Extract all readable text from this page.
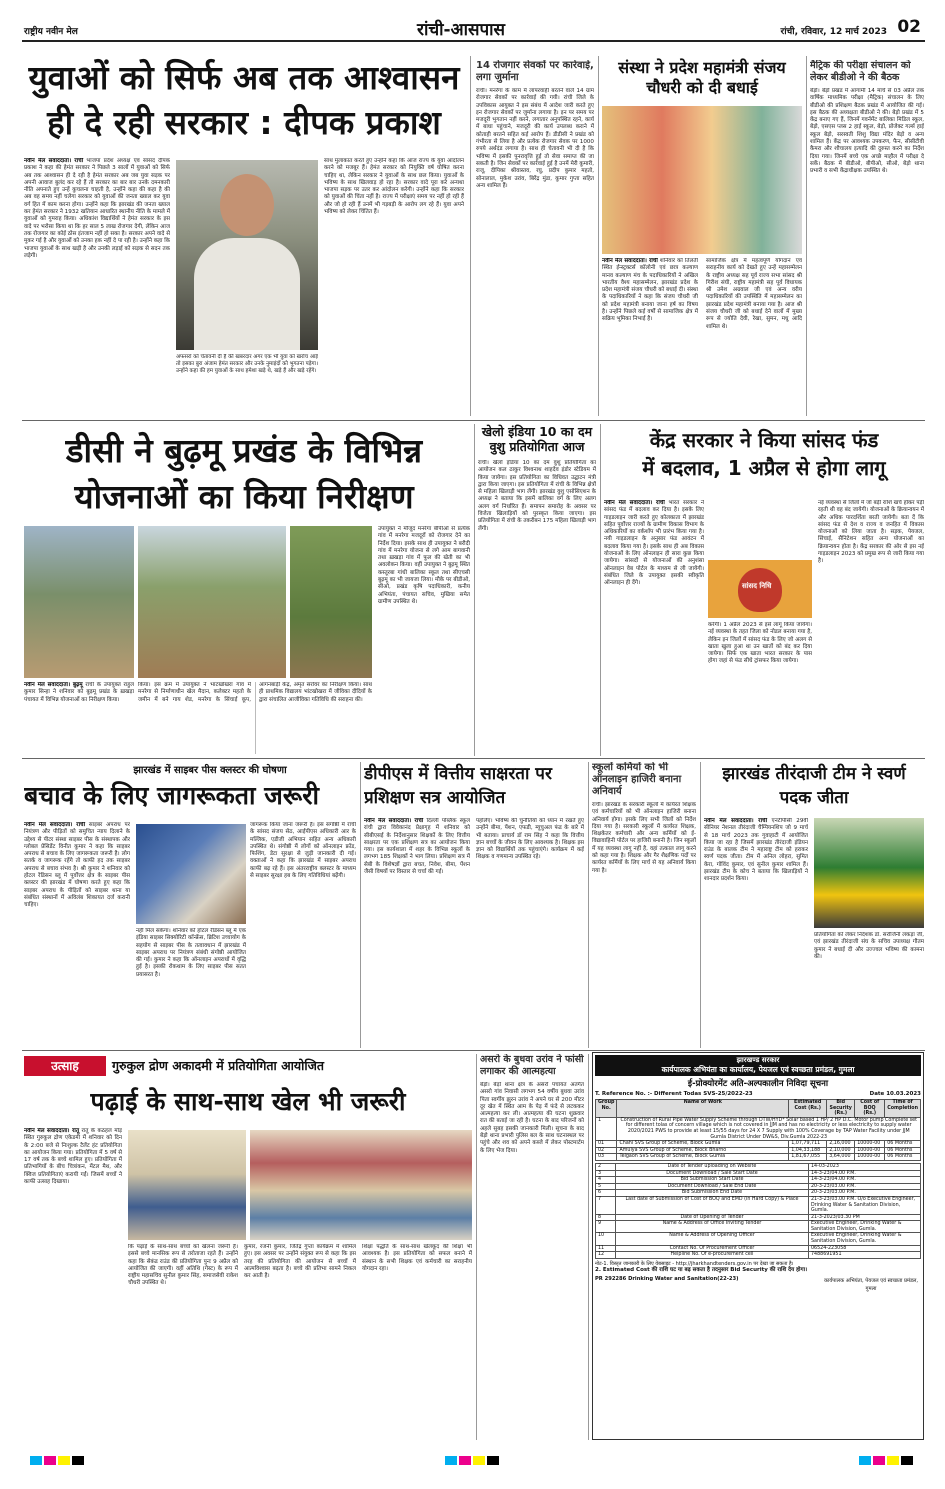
राष्ट्रीय नवीन मेल	रांची-आसपास	रांची, रविवार, 12 मार्च 2023 02
युवाओं को सिर्फ अब तक आश्वासन
ही दे रही सरकार : दीपक प्रकाश
नवीन मेल संवाददाता। रांची भाजपा प्रदेश अध्यक्ष एवं सांसद दीपक प्रकाश ने कहा की हेमंत सरकार ने पिछले 3 सालों में युवाओं को सिर्फ अब तक आश्वासन ही दे रही है हेमंत सरकार अब जब युवा सड़क पर अपनी आवाज बुलंद कर रहे हैं तो सरकार का बार बार उनके दमनकारी नीति अपनाते हुए उन्हें कुचलना चाहती है, उन्होंने कहा की कहा है की अब वह समय नहीं चलेगा सरकार को युवाओं की जनता ख्याल कर युवा वर्ग हित में काम करना होगा। उन्होंने कहा कि झारखंड की जनता ख्याल कर हेमंत सरकार ने 1932 खतियान आधारित स्थानीय नीति के मामले में युवाओं को गुमराह किया। अधिकांश विद्यार्थियों ने हेमंत सरकार के इस वादे पर भरोसा किया था कि हर साल 5 लाख रोजगार देगी, लेकिन आज तक रोजगार का कोई ठोस इंतजाम नहीं हो सका है। सरकार अपने वादे से मुकर गई है और युवाओं को उनका हक नहीं दे पा रही है। उन्होंने कहा कि भाजपा युवाओं के साथ खड़ी है और उनकी लड़ाई को सड़क से सदन तक लड़ेगी।
अफसरों को चेतावनी दी है की खबरदार अगर एक भी युवा को खरोंच आई तो इसका बुरा अंजाम हेमंत सरकार और उनके नुमाइंदों को भुगतना पड़ेगा। उन्होंने कहा की हम युवाओं के साथ हमेशा खड़े थे, खड़े हैं और खड़े रहेंगे।
साथ मुलाकात करते हुए उन्होंने कहा कि आज राज्य के युवा आंदोलन करने को मजबूर हैं। हेमंत सरकार को नियुक्ति वर्ष घोषित करना चाहिए था, लेकिन सरकार ने युवाओं के साथ छल किया। युवाओं के भविष्य के साथ खिलवाड़ हो रहा है। सरकार वादे पूरा करे अन्यथा भाजपा सड़क पर उतर कर आंदोलन करेगी। उन्होंने कहा कि सरकार को युवाओं की चिंता नहीं है। राज्य में परीक्षाएं समय पर नहीं हो रही हैं और जो हो रही हैं उनमें भी गड़बड़ी के आरोप लग रहे हैं। युवा अपने भविष्य को लेकर चिंतित हैं।
14 रोजगार सेवकों पर कार्रवाई, लगा जुर्माना
रांची। मनरेगा के काम में लापरवाही बरतने वाले 14 ग्राम रोजगार सेवकों पर कार्रवाई की गयी। रांची जिले के उपविकास आयुक्त ने इस संबंध में आदेश जारी करते हुए इन रोजगार सेवकों पर जुर्माना लगाया है। इन पर समय पर मजदूरी भुगतान नहीं करने, लगातार अनुपस्थित रहने, कार्य में बाधा पहुंचाने, मजदूरी की कार्य उपलब्ध कराने में कोताही बरतने सहित कई आरोप हैं। डीडीसी ने प्रखंड को गंभीरता से लिया है और प्रत्येक रोजगार सेवक पर 1000 रुपये अर्थदंड लगाया है। साथ ही चेतावनी भी दी है कि भविष्य में इसकी पुनरावृत्ति हुई तो सेवा समाप्त की जा सकती है। जिन सेवकों पर कार्रवाई हुई है उनमें मेरी कुमारी, राजू, दीपिका श्रीवास्तव, रघु, प्रदीप कुमार महतो, सोनालाल, मुकेश उरांव, बिरेंद्र मुंडा, कुमार गुप्ता सहित अन्य शामिल हैं।
संस्था ने प्रदेश महामंत्री संजय चौधरी को दी बधाई
नवीन मेल संवाददाता। रांची शनिवार को तिलती स्थित ईन्स्ट्रक्टर्स कॉलोनी एवं छात्र कल्याण मानव कल्याण मंच के पदाधिकारियों ने अखिल भारतीय वैश्य महासम्मेलन, झारखंड प्रदेश के प्रदेश महामंत्री संजय चौधरी को बधाई दी। संस्था के पदाधिकारियों ने कहा कि संजय चौधरी जी को प्रदेश महामंत्री बनाया जाना हर्ष का विषय है। उन्होंने पिछले कई वर्षों से सामाजिक क्षेत्र में सक्रिय भूमिका निभाई है।
सामाजिक क्षेत्र में महत्वपूर्ण योगदान एवं सराहनीय कार्य को देखते हुए उन्हें महासम्मेलन के राष्ट्रीय अध्यक्ष सह पूर्व राज्य सभा सांसद श्री गिरीश संघी, राष्ट्रीय महामंत्री सह पूर्व विधायक श्री उमेश अग्रवाल जी एवं अन्य वरीय पदाधिकारियों की उपस्थिति में महासम्मेलन का झारखंड प्रदेश महामंत्री बनाया गया है। आज श्री संजय चौधरी जी को बधाई देने वालों में मुख्य रूप से ज्योति देवी, रेखा, सुमन, मधु आदि शामिल थे।
मैट्रिक की परीक्षा संचालन को लेकर बीडीओ ने की बैठक
बेड़ो। बेड़ो प्रखंड में आगामी 14 मार्च से 03 अप्रैल तक वार्षिक माध्यमिक परीक्षा (मैट्रिक) संचालन के लिए बीडीओ की प्रशिक्षण बैठक प्रखंड में आयोजित की गई। इस बैठक की अध्यक्षता बीडीओ ने की। बेड़ो प्रखंड में 5 केंद्र बनाए गए हैं, जिनमें गवर्नमेंट बालिका मिडिल स्कूल, बेड़ो, एसएस प्लस 2 हाई स्कूल, बेड़ो, प्रोजेक्ट गर्ल्स हाई स्कूल बेड़ो, सरस्वती शिशु विद्या मंदिर बेड़ो व अन्य शामिल हैं। केंद्र पर आवश्यक उपकरण, फैन, सीसीटीवी कैमरा और शौचालय इत्यादि की दुरुस्त करने का निर्देश दिया गया। जिनमें बच्चे एक अच्छे माहौल में परीक्षा दे सकें। बैठक में बीडीओ, बीपीओ, सीओ, बेड़ो थाना प्रभारी व सभी केंद्राधीक्षक उपस्थित थे।
डीसी ने बुढ़मू प्रखंड के विभिन्न
योजनाओं का किया निरीक्षण
नवीन मेल संवाददाता। बुढ़मू रांची के उपायुक्त राहुल कुमार सिन्हा ने शनिवार को बुढ़मू प्रखंड के ख़खड़ा पंचायत में विभिन्न योजनाओं का निरीक्षण किया।
किया। इस क्रम में उपायुक्त ने भांटखोखरा गांव में मनरेगा से निर्माणाधीन खेल मैदान, कलेक्टर महतो के जमीन में बने गाय शेड, मनरेगा के सिंचाई कूप, आंगनबाड़ी केंद्र, अमृत सरोवर का निरीक्षण किया। साथ ही प्राथमिक विद्यालय भांटखोखरा में जीविका दीदियों के द्वारा संचालित आजीविका गतिविधि की सराहना की।
उपायुक्त ने मौजूद मनरेगा बीपीओ से प्रत्येक गांव में मनरेगा मजदूरों को रोजगार देने का निर्देश दिया। इसके साथ ही उपायुक्त ने बरौदी गांव में मनरेगा योजना से लगे आम बागवानी तथा ख़खड़ा गांव में फूल की खेती का भी अवलोकन किया। वहीं उपायुक्त ने बुढ़मू स्थित कस्तूरबा गांधी बालिका स्कूल तथा सीएचसी बुढ़मू का भी जायजा लिया। मौके पर बीडीओ, सीओ, प्रखंड कृषि पदाधिकारी, कनीय अभियंता, पंचायत सचिव, मुखिया समेत ग्रामीण उपस्थित थे।
खेलो इंडिया 10 का दम वुशु प्रतियोगिता आज
रांची। खेलो इंडिया 10 का दम वुशु प्रतियोगिता का आयोजन कल ठाकुर विश्वनाथ शाहदेव इंडोर स्टेडियम में किया जायेगा। इस प्रतियोगिता का विधिवत उद्घाटन मंत्री द्वारा किया जाएगा। इस प्रतियोगिता में रांची के विभिन्न क्षेत्रों से महिला खिलाड़ी भाग लेंगी। झारखंड वुशु एसोसिएशन के अध्यक्ष ने बताया कि इसमें बालिका वर्ग के लिए अलग अलग वर्ग निर्धारित हैं। समापन समारोह के अवसर पर विजेता खिलाड़ियों को पुरस्कृत किया जाएगा। इस प्रतियोगिता में रांची के तकरीबन 175 महिला खिलाड़ी भाग लेंगी।
केंद्र सरकार ने किया सांसद फंड
में बदलाव, 1 अप्रैल से होगा लागू
नवीन मेल संवाददाता। रांची भारत सरकार ने सांसद फंड में बदलाव कर दिया है। इसके लिए गाइडलाइन जारी करते हुए कोलकाता में झारखंड सहित पूर्वोत्तर राज्यों के ग्रामीण विकास विभाग के अधिकारियों का वर्कशॉप भी प्रारंभ किया गया है। नयी गाइडलाइन के अनुसार फंड आवंटन में बदलाव किया गया है। इसके साथ ही अब विकास योजनाओं के लिए ऑनलाइन ही सारा कुछ किया जायेगा। सांसदों से योजनाओं की अनुशंसा ऑनलाइन वेब पोर्टल के माध्यम से ली जायेगी। संबंधित जिले के उपायुक्त इसकी स्वीकृति ऑनलाइन ही देंगे।	सांसद निधि
करेंगी। 1 अप्रैल 2023 से इसे लागू किया जायेगा। नई व्यवस्था के तहत जिला को नोडल बनाया गया है, लेकिन इन जिलों में सांसद फंड के लिए जो अलग से खाता खुला हुआ था उन खातों को बंद कर दिया जायेगा। सिर्फ एक खाता भारत सरकार के पास होगा जहां से फंड सीधे ट्रांसफर किया जायेगा।
नई व्यवस्था से जिलों में जो बड़ी राशि खर्च होकर पड़ी रहती थी वह बंद जायेगी। योजनाओं के क्रियान्वयन में और अधिक पारदर्शिता बरती जायेगी। बता दें कि सांसद फंड से देश व राज्य व जनहित में विकास योजनाओं को लिया जाता है। सड़क, पेयजल, सिंचाई, सैनिटेशन सहित अन्य योजनाओं का क्रियान्वयन होता है। केंद्र सरकार की ओर से इस नई गाइडलाइन 2023 को प्रमुख रूप से जारी किया गया है।
झारखंड में साइबर पीस क्लस्टर की घोषणा
बचाव के लिए जागरूकता जरूरी
नवीन मेल संवाददाता। रांची साइबर अपराध पर नियंत्रण और पीड़ितों को समुचित न्याय दिलाने के उद्देश्य से पीटर संस्था साइबर पीस के संस्थापक और ग्लोबल प्रेसिडेंट विनीत कुमार ने कहा कि साइबर अपराध से बचाव के लिए जागरूकता जरूरी है। लोग सतर्क व जागरूक रहेंगे तो काफी हद तक साइबर अपराध से बचाव संभव है। श्री कुमार ने शनिवार को होटल रेडिसन ब्लू में पूर्वोत्तर क्षेत्र के साइबर पीस क्लस्टर की झारखंड में घोषणा करते हुए कहा कि साइबर अपराध के पीड़ितों को साइबर थाना या संबंधित संस्थानों में अविलंब शिकायत दर्ज करानी चाहिए।
नहीं मिल सकेगा। शनिवार को होटल रेडिसन ब्लू में एक इंडिया साइबर सिक्योरिटी कॉन्फ्रेंस, ब्रिटिश उच्चायोग के सहयोग से साइबर पीस के तत्वावधान में झारखंड में साइबर अपराध पर नियंत्रण संबंधी संगोष्ठी आयोजित की गई। कुमार ने कहा कि ऑनलाइन अपराधों में वृद्धि हुई है। इसकी रोकथाम के लिए साइबर पीस सतत प्रयासरत है।
जागरूक किया जाना जरूरी है। इस संगोष्ठी में रांची के सांसद संजय सेठ, आईपीएस अधिकारी आर के मल्लिक, एडीजी अभियान सहित अन्य अधिकारी उपस्थित थे। संगोष्ठी में लोगों को ऑनलाइन फ्रॉड, फिशिंग, डेटा सुरक्षा से जुड़ी जानकारी दी गई। वक्ताओं ने कहा कि झारखंड में साइबर अपराध काफी बढ़ रहे हैं। इस अंतरराष्ट्रीय क्लस्टर के माध्यम से साइबर सुरक्षा हब के लिए गतिविधियां बढ़ेंगी।
डीपीएस में वित्तीय साक्षरता पर प्रशिक्षण सत्र आयोजित
नवीन मेल संवाददाता। रांची दिल्ली पब्लिक स्कूल रांची द्वारा विवेकानंद प्रेक्षागृह में शनिवार को सीबीएसई के निर्देशानुसार शिक्षकों के लिए वित्तीय साक्षरता पर एक प्रशिक्षण सत्र का आयोजन किया गया। इस कार्यशाला में शहर के विभिन्न स्कूलों के लगभग 185 शिक्षकों ने भाग लिया। प्रशिक्षण सत्र में सेबी के विशेषज्ञों द्वारा बचत, निवेश, बीमा, पेंशन जैसी विषयों पर विस्तार से चर्चा की गई।
पहलिए। भविष्य की चुनौतियों को ध्यान में रखते हुए उन्होंने बीमा, पेंशन, एफडी, म्यूचुअल फंड के बारे में भी बताया। प्राचार्य डॉ राम सिंह ने कहा कि वित्तीय ज्ञान बच्चों के जीवन के लिए आवश्यक है। शिक्षक इस ज्ञान को विद्यार्थियों तक पहुंचाएंगे। कार्यक्रम में कई शिक्षक व गणमान्य उपस्थित रहे।
स्कूलों कर्मियों को भी ऑनलाइन हाजिरी बनाना अनिवार्य
रांची। झारखंड के सरकारी स्कूलों में कार्यरत शिक्षक एवं कर्मचारियों को भी ऑनलाइन हाजिरी बनाना अनिवार्य होगा। इसके लिए सभी जिलों को निर्देश दिया गया है। सरकारी स्कूलों में कार्यरत शिक्षक, शिक्षकेतर कर्मचारी और अन्य कर्मियों को ई-विद्यावाहिनी पोर्टल पर हाजिरी बनानी है। जिन स्कूलों में यह व्यवस्था लागू नहीं है, वहां तत्काल लागू करने को कहा गया है। शिक्षक और गैर शैक्षणिक पदों पर कार्यरत कर्मियों के लिए मार्च से यह अनिवार्य किया गया है।
झारखंड तीरंदाजी टीम ने स्वर्ण पदक जीता
नवीन मेल संवाददाता। रांची एनटीपीसी 29वीं सीनियर नेशनल तीरंदाजी चैम्पियनशिप जो 9 मार्च से 18 मार्च 2023 तक गुवाहाटी में आयोजित किया जा रहा है जिसमें झारखंड तीरंदाजी इंडियन राउंड के बालक टीम ने महाराष्ट्र टीम को हराकर स्वर्ण पदक जीता। टीम में अनिल लोहरा, सुमित केरा, गोविंद कुमार, एवं सुनील कुमार शामिल हैं। झारखंड टीम के कोच ने बताया कि खिलाड़ियों ने शानदार प्रदर्शन किया।
प्रतियोगिता को लेकर निदेशक डॉ. सरोजिनी लकड़ा जी, एवं झारखंड तीरंदाजी संघ के सचिव उपाध्यक्ष गौतम कुमार ने बधाई दी और उज्ज्वल भविष्य की कामना की।
उत्साह	गुरुकुल द्रोण अकादमी में प्रतियोगिता आयोजित
पढ़ाई के साथ-साथ खेल भी जरूरी
नवीन मेल संवाददाता। रातू रातू के कठहल मोड़ स्थित गुरुकुल द्रोण एकेडमी में शनिवार को दिन के 2:00 बजे से निःशुल्क टैलेंट हंट प्रतियोगिता का आयोजन किया गया। प्रतियोगिता में 5 वर्ष से 17 वर्ष तक के बच्चे शामिल हुए। प्रतियोगिता में प्रतिभागियों के बीच चित्रांकन, मेंटल मैथ, और क्विज प्रतियोगिताएं करायी गईं। जिसमें बच्चों ने काफी उत्साह दिखाया।
कि पढ़ाई के साथ-साथ बच्चों को खेलना जरूरी है। इससे बच्चे मानसिक रूप से तरोताजा रहते हैं। उन्होंने कहा कि सेकंड राउंड की प्रतियोगिता पुनः 9 अप्रैल को आयोजित की जाएगी। वहीं अतिथि (गेस्ट) के रूप में राष्ट्रीय महासचिव सुनील कुमार सिंह, समाजसेवी राकेश चौधरी उपस्थित थे।
कुमार, रजनी कुमार, जितेंद्र गुप्ता कार्यक्रम में शामिल हुए। इस अवसर पर उन्होंने संयुक्त रूप से कहा कि इस तरह की प्रतियोगिता की आयोजन से बच्चों में आत्मविश्वास बढ़ता है। बच्चे की प्रतिभा सामने निकल कर आती है।
शिक्षा पद्धति के साथ-साथ खेलकूद की शिक्षा भी आवश्यक है। इस प्रतियोगिता को सफल बनाने में संस्थान के सभी शिक्षक एवं कर्मचारी का सराहनीय योगदान रहा।
असरो के बुधवा उरांव ने फांसी लगाकर की आत्महत्या
बेड़ो। बेड़ो थाना क्षेत्र के असरो पंचायत अंतर्गत असरो गांव निवासी लगभग 54 वर्षीय बुधवा उरांव पिता स्वर्गीय झुरन उरांव ने अपने घर से 200 मीटर दूर खेत में स्थित आम के पेड़ में फंदे से लटककर आत्महत्या कर ली। आत्महत्या की घटना शुक्रवार रात की बताई जा रही है। घटना के बाद परिजनों को अहले सुबह इसकी जानकारी मिली। सूचना के बाद बेड़ो थाना प्रभारी पुलिस बल के साथ घटनास्थल पर पहुंचे और शव को अपने कब्जे में लेकर पोस्टमार्टम के लिए भेज दिया।
झारखण्ड सरकार
कार्यपालक अभियंता का कार्यालय, पेयजल एवं स्वच्छता प्रमंडल, गुमला
ई-प्रोक्योरमेंट अति-अल्पकालीन निविदा सूचना
T. Reference No. :- Different Todas SVS-25/2022-23	Date 10.03.2023
Group No.	Name of Work	Estimated Cost (Rs.)	Bid Security (Rs.)	Cost of BOQ (Rs.)	Time of Completion
1	Construction of Rural Pipe Water Supply Scheme through DTW/HYD* Solar based 1 HP/ 2 HP D.C. Motor pump Complete set for different tolas of concern village which is not covered in JJM and has no electricity or less electricity to supply water 2020/2021 PWS to provide at least 15/55 days for 24 X 7 Supply with 100% Coverage by TAP Water Facility under JJM Gumla District Under DW&S, Div.Gumla 2022-23				
01	Chahi SVS Group of Scheme, Block Gumla	1,07,79,711	2,16,000	10000-00	06 Months
02	Amuiya SVS Group of Scheme, Block Bharno	1,04,33,188	2,10,000	10000-00	06 Months
03	Telgaon SVS Group of Scheme, Block Gumla	1,81,67,055	3,64,000	10000-00	06 Months
2	Date of Tender uploading on Website	14-03-2023
3	Document Download / Sale Start Date	14-3-23/04.00 P.M.
4	Bid Submission Start Date	14-3-23/04.00 P.M.
5	Document Download / Sale End Date	20-3-23/03.00 P.M.
6	Bid Submission End Date	20-3-23/03.00 P.M.
7	Last date of Submission of Cost of BOQ and EMD (in Hard Copy) & Place	21-3-23/03.00 P.M. O/o Executive Engineer, Drinking Water & Sanitation Division, Gumla.
8	Date of Opening of Tender	21-3-2023/03.30 PM
9	Name & Address of Office Inviting Tender	Executive Engineer, Drinking Water & Sanitation Division, Gumla.
10	Name & Address of Opening Officer	Executive Engineer, Drinking Water & Sanitation Division, Gumla.
11	Contact No. Of Procurement Officer	06524-223058
12	Helpline No. Of e-procurement cell	7488691951
नोट-1. विस्तृत जानकारी के लिए वेबसाइट - http://jharkhandtenders.gov.in पर देखा जा सकता है।
2. Estimated Cost की राशि घट या बढ़ सकता है तदनुसार Bid Security की राशि देय होगा।
PR 292286 Drinking Water and Sanitation(22-23)	कार्यपालक अभियंता, पेयजल एवं स्वच्छता प्रमंडल, गुमला
